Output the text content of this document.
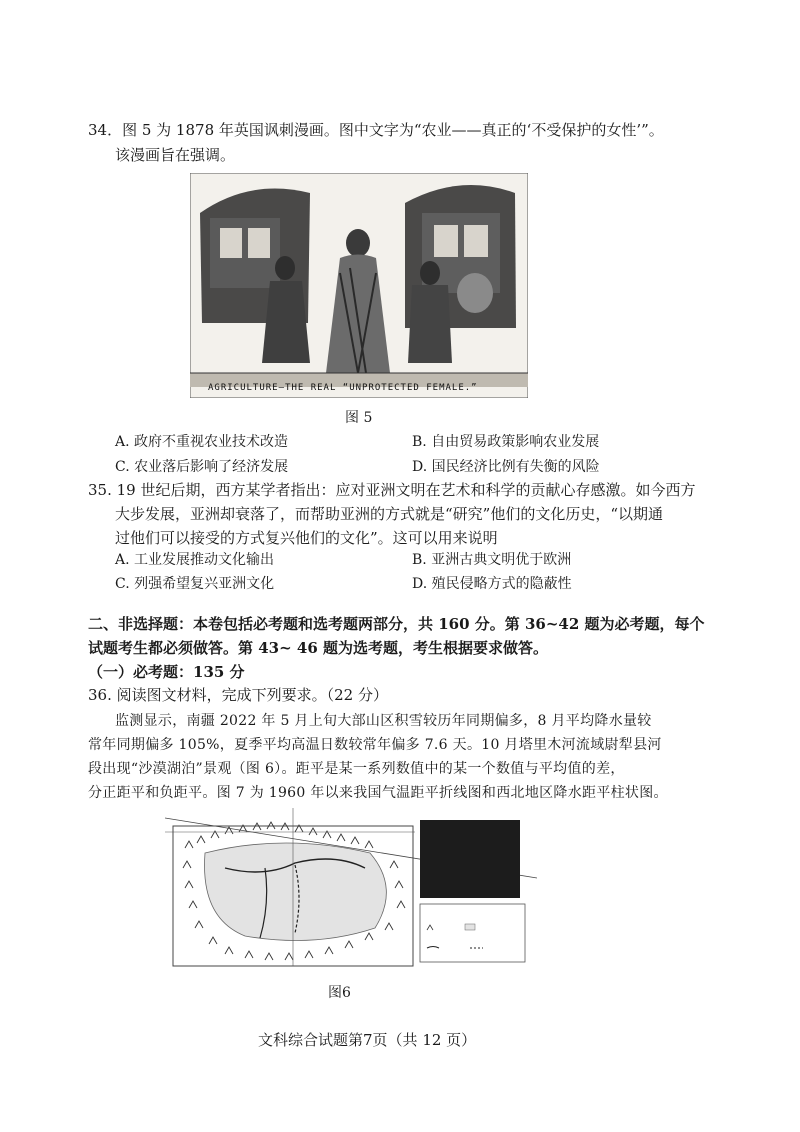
34．图 5 为 1878 年英国讽刺漫画。图中文字为“农业——真正的‘不受保护的女性’”。
该漫画旨在强调。
AGRICULTURE—THE REAL “UNPROTECTED FEMALE.”
图 5
A. 政府不重视农业技术改造	B. 自由贸易政策影响农业发展
C. 农业落后影响了经济发展	D. 国民经济比例有失衡的风险
35. 19 世纪后期，西方某学者指出：应对亚洲文明在艺术和科学的贡献心存感激。如今西方
大步发展，亚洲却衰落了，而帮助亚洲的方式就是“研究”他们的文化历史，“以期通
过他们可以接受的方式复兴他们的文化”。这可以用来说明
A. 工业发展推动文化输出	B. 亚洲古典文明优于欧洲
C. 列强希望复兴亚洲文化	D. 殖民侵略方式的隐蔽性
二、非选择题：本卷包括必考题和选考题两部分，共 160 分。第 36~42 题为必考题，每个
试题考生都必须做答。第 43~ 46 题为选考题，考生根据要求做答。
（一）必考题：135 分
36. 阅读图文材料，完成下列要求。（22 分）
监测显示，南疆 2022 年 5 月上旬大部山区积雪较历年同期偏多，8 月平均降水量较
常年同期偏多 105%，夏季平均高温日数较常年偏多 7.6 天。10 月塔里木河流域尉犁县河
段出现“沙漠湖泊”景观（图 6）。距平是某一系列数值中的某一个数值与平均值的差，
分正距平和负距平。图 7 为 1960 年以来我国气温距平折线图和西北地区降水距平柱状图。
图6
文科综合试题第7页（共 12 页）
